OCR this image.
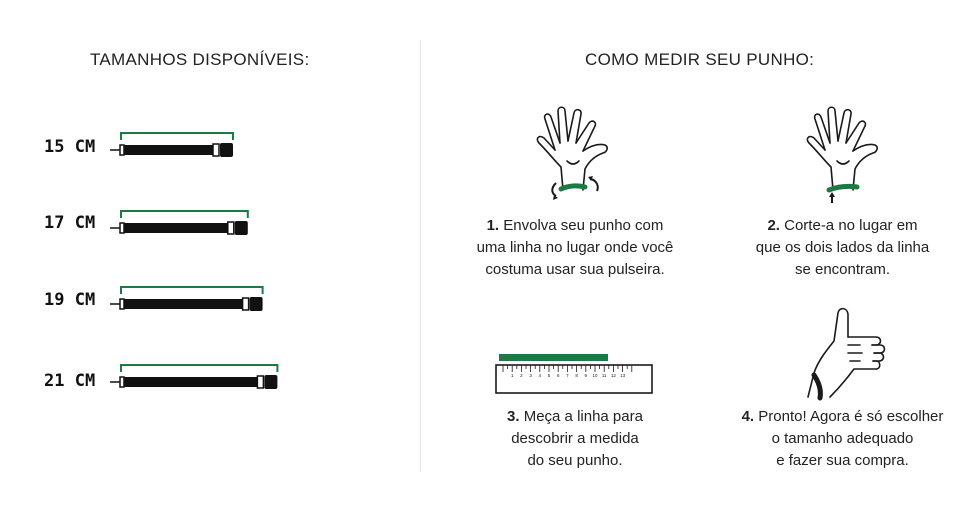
TAMANHOS DISPONÍVEIS:
15 CM
17 CM
19 CM
21 CM
COMO MEDIR SEU PUNHO:
1 2 3 4 5 6 7 8 9 10 11 12 13
1. Envolva seu punho com
uma linha no lugar onde você
costuma usar sua pulseira.
2. Corte-a no lugar em
que os dois lados da linha
se encontram.
3. Meça a linha para
descobrir a medida
do seu punho.
4. Pronto! Agora é só escolher
o tamanho adequado
e fazer sua compra.
